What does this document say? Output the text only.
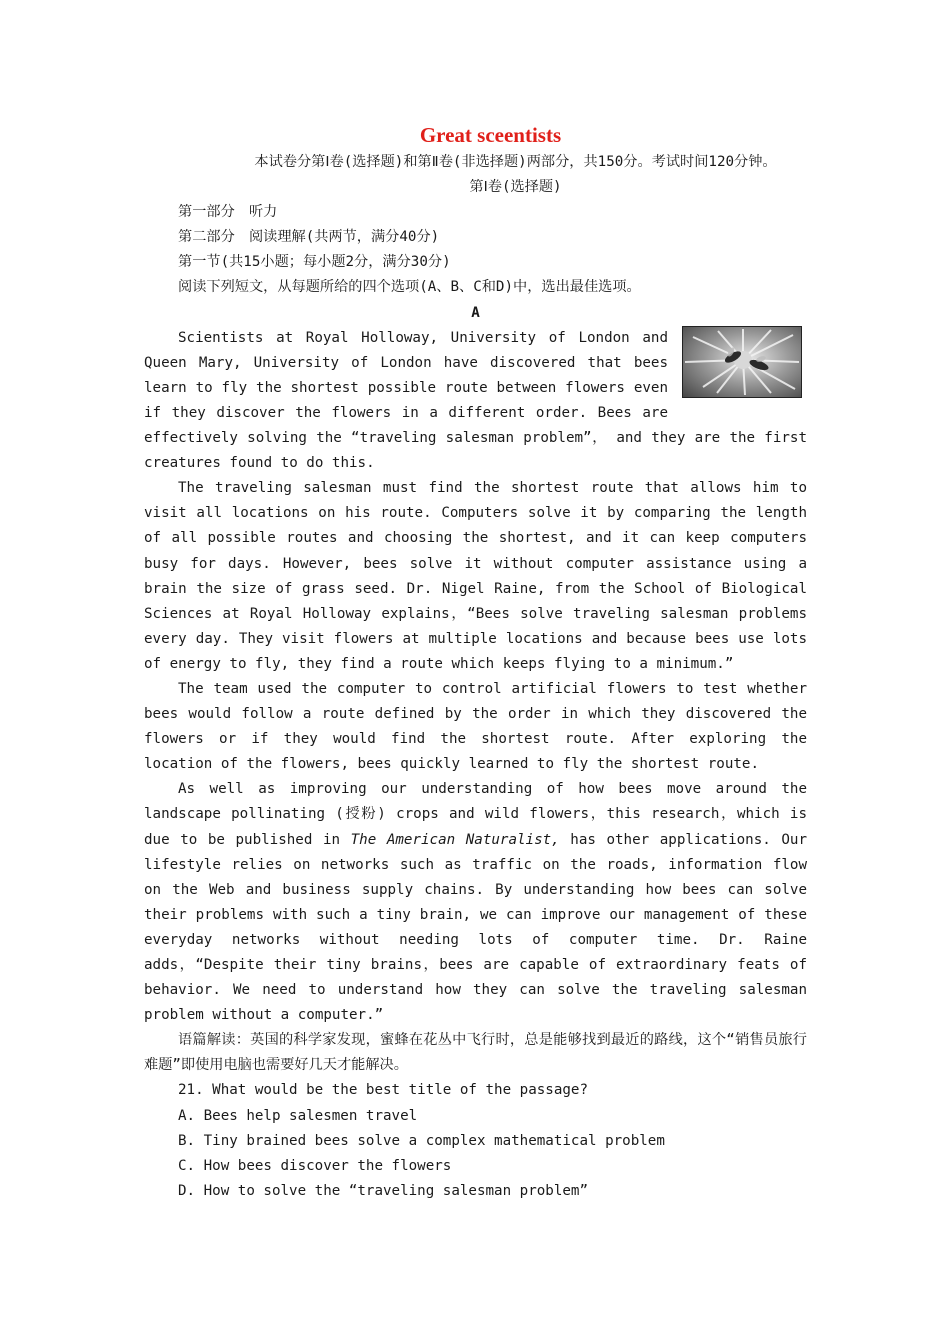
Great sceentists

本试卷分第Ⅰ卷(选择题)和第Ⅱ卷(非选择题)两部分，共150分。考试时间120分钟。

第Ⅰ卷(选择题)

第一部分　听力

第二部分　阅读理解(共两节，满分40分)

第一节(共15小题；每小题2分，满分30分)

阅读下列短文，从每题所给的四个选项(A、B、C和D)中，选出最佳选项。

A

Scientists at Royal Holloway, University of London and Queen Mary, University of London have discovered that bees learn to fly the shortest possible route between flowers even if they discover the flowers in a different order. Bees are effectively solving the “traveling salesman problem”， and they are the first creatures found to do this.

The traveling salesman must find the shortest route that allows him to visit all locations on his route. Computers solve it by comparing the length of all possible routes and choosing the shortest, and it can keep computers busy for days. However, bees solve it without computer assistance using a brain the size of grass seed. Dr. Nigel Raine, from the School of Biological Sciences at Royal Holloway explains，“Bees solve traveling salesman problems every day. They visit flowers at multiple locations and because bees use lots of energy to fly, they find a route which keeps flying to a minimum.”

The team used the computer to control artificial flowers to test whether bees would follow a route defined by the order in which they discovered the flowers or if they would find the shortest route. After exploring the location of the flowers, bees quickly learned to fly the shortest route.

As well as improving our understanding of how bees move around the landscape pollinating (授粉) crops and wild flowers，this research，which is due to be published in The American Naturalist, has other applications. Our lifestyle relies on networks such as traffic on the roads, information flow on the Web and business supply chains. By understanding how bees can solve their problems with such a tiny brain, we can improve our management of these everyday networks without needing lots of computer time. Dr. Raine adds，“Despite their tiny brains，bees are capable of extraordinary feats of behavior. We need to understand how they can solve the traveling salesman problem without a computer.”

语篇解读：英国的科学家发现，蜜蜂在花丛中飞行时，总是能够找到最近的路线，这个“销售员旅行难题”即使用电脑也需要好几天才能解决。

21. What would be the best title of the passage?

A. Bees help salesmen travel

B. Tiny brained bees solve a complex mathematical problem

C. How bees discover the flowers

D. How to solve the “traveling salesman problem”
